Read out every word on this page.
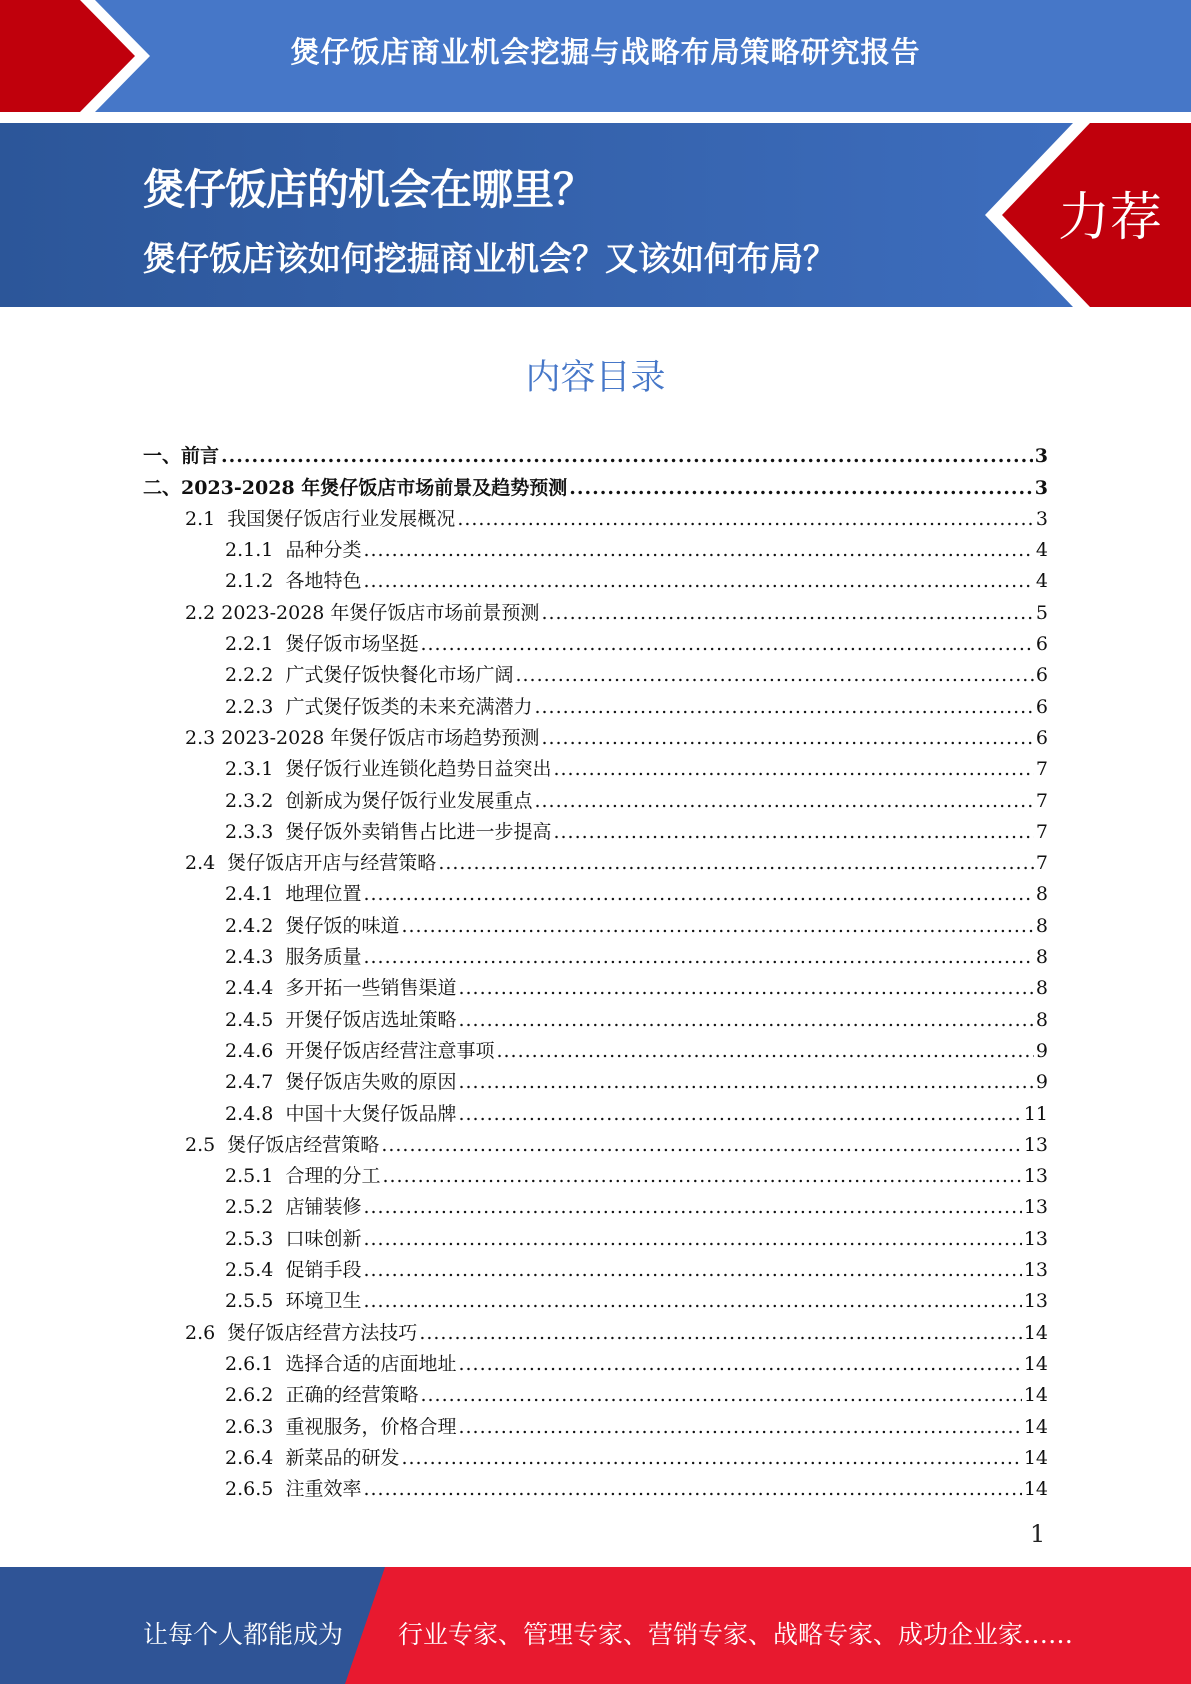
煲仔饭店商业机会挖掘与战略布局策略研究报告
煲仔饭店的机会在哪里？
煲仔饭店该如何挖掘商业机会？又该如何布局？
力荐
内容目录
一、 前言 .....	3
二、 2023-2028 年煲仔饭店市场前景及趋势预测 .....	3
2.1 我国煲仔饭店行业发展概况 .....	3
2.1.1 品种分类 .....	4
2.1.2 各地特色 .....	4
2.2 2023-2028 年煲仔饭店市场前景预测 .....	5
2.2.1 煲仔饭市场坚挺 .....	6
2.2.2 广式煲仔饭快餐化市场广阔 .....	6
2.2.3 广式煲仔饭类的未来充满潜力 .....	6
2.3 2023-2028 年煲仔饭店市场趋势预测 .....	6
2.3.1 煲仔饭行业连锁化趋势日益突出 .....	7
2.3.2 创新成为煲仔饭行业发展重点 .....	7
2.3.3 煲仔饭外卖销售占比进一步提高 .....	7
2.4 煲仔饭店开店与经营策略 .....	7
2.4.1 地理位置 .....	8
2.4.2 煲仔饭的味道 .....	8
2.4.3 服务质量 .....	8
2.4.4 多开拓一些销售渠道 .....	8
2.4.5 开煲仔饭店选址策略 .....	8
2.4.6 开煲仔饭店经营注意事项 .....	9
2.4.7 煲仔饭店失败的原因 .....	9
2.4.8 中国十大煲仔饭品牌 .....	11
2.5 煲仔饭店经营策略 .....	13
2.5.1 合理的分工 .....	13
2.5.2 店铺装修 .....	13
2.5.3 口味创新 .....	13
2.5.4 促销手段 .....	13
2.5.5 环境卫生 .....	13
2.6 煲仔饭店经营方法技巧 .....	14
2.6.1 选择合适的店面地址 .....	14
2.6.2 正确的经营策略 .....	14
2.6.3 重视服务，价格合理 .....	14
2.6.4 新菜品的研发 .....	14
2.6.5 注重效率 .....	14
1
让每个人都能成为 行业专家、管理专家、营销专家、战略专家、成功企业家……
